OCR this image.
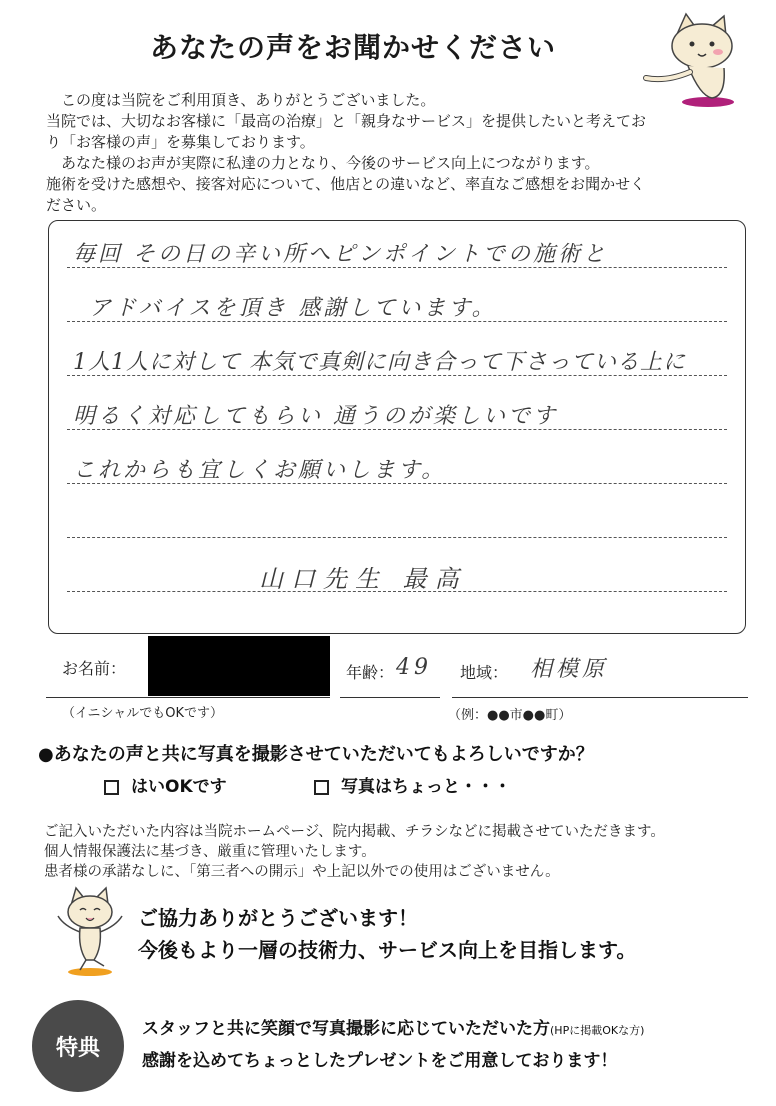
あなたの声をお聞かせください

この度は当院をご利用頂き、ありがとうございました。

当院では、大切なお客様に「最高の治療」と「親身なサービス」を提供したいと考えてお

り「お客様の声」を募集しております。

あなた様のお声が実際に私達の力となり、今後のサービス向上につながります。

施術を受けた感想や、接客対応について、他店との違いなど、率直なご感想をお聞かせく

ださい。

毎回 その日の辛い所へピンポイントでの施術と
アドバイスを頂き 感謝しています。
1人1人に対して 本気で真剣に向き合って下さっている上に
明るく対応してもらい 通うのが楽しいです
これからも宜しくお願いします。
山口先生 最高
お名前：	年齢： 49 地域： 相模原
（イニシャルでもOKです）	（例：●●市●●町）
●あなたの声と共に写真を撮影させていただいてもよろしいですか？
はいOKです	写真はちょっと・・・

ご記入いただいた内容は当院ホームページ、院内掲載、チラシなどに掲載させていただきます。

個人情報保護法に基づき、厳重に管理いたします。

患者様の承諾なしに、「第三者への開示」や上記以外での使用はございません。

ご協力ありがとうございます！
今後もより一層の技術力、サービス向上を目指します。
特典
スタッフと共に笑顔で写真撮影に応じていただいた方(HPに掲載OKな方)
感謝を込めてちょっとしたプレゼントをご用意しております！
